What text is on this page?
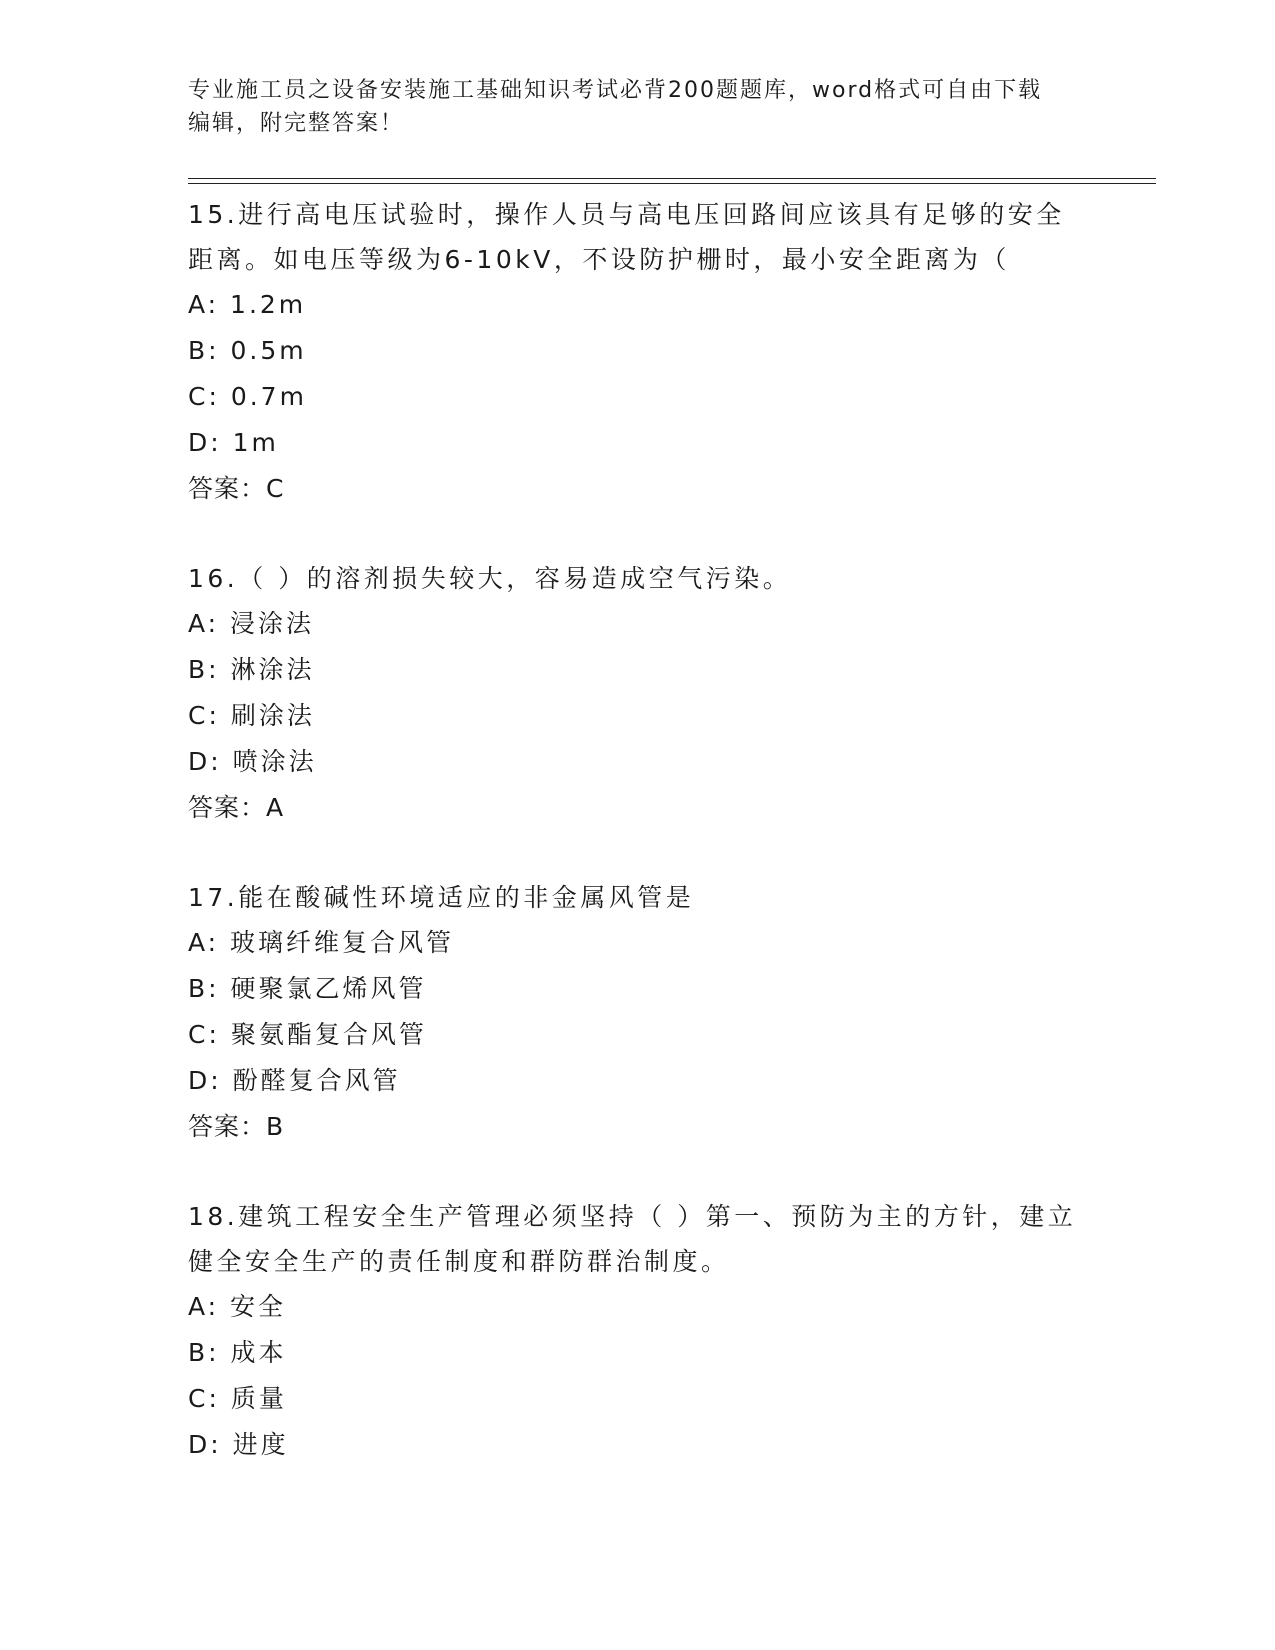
专业施工员之设备安装施工基础知识考试必背200题题库，word格式可自由下载
编辑，附完整答案！
15.进行高电压试验时，操作人员与高电压回路间应该具有足够的安全距离。如电压等级为6-10kV，不设防护栅时，最小安全距离为（
A: 1.2m
B: 0.5m
C: 0.7m
D: 1m
答案：C
16.（ ）的溶剂损失较大，容易造成空气污染。
A: 浸涂法
B: 淋涂法
C: 刷涂法
D: 喷涂法
答案：A
17.能在酸碱性环境适应的非金属风管是
A: 玻璃纤维复合风管
B: 硬聚氯乙烯风管
C: 聚氨酯复合风管
D: 酚醛复合风管
答案：B
18.建筑工程安全生产管理必须坚持（ ）第一、预防为主的方针，建立健全安全生产的责任制度和群防群治制度。
A: 安全
B: 成本
C: 质量
D: 进度
